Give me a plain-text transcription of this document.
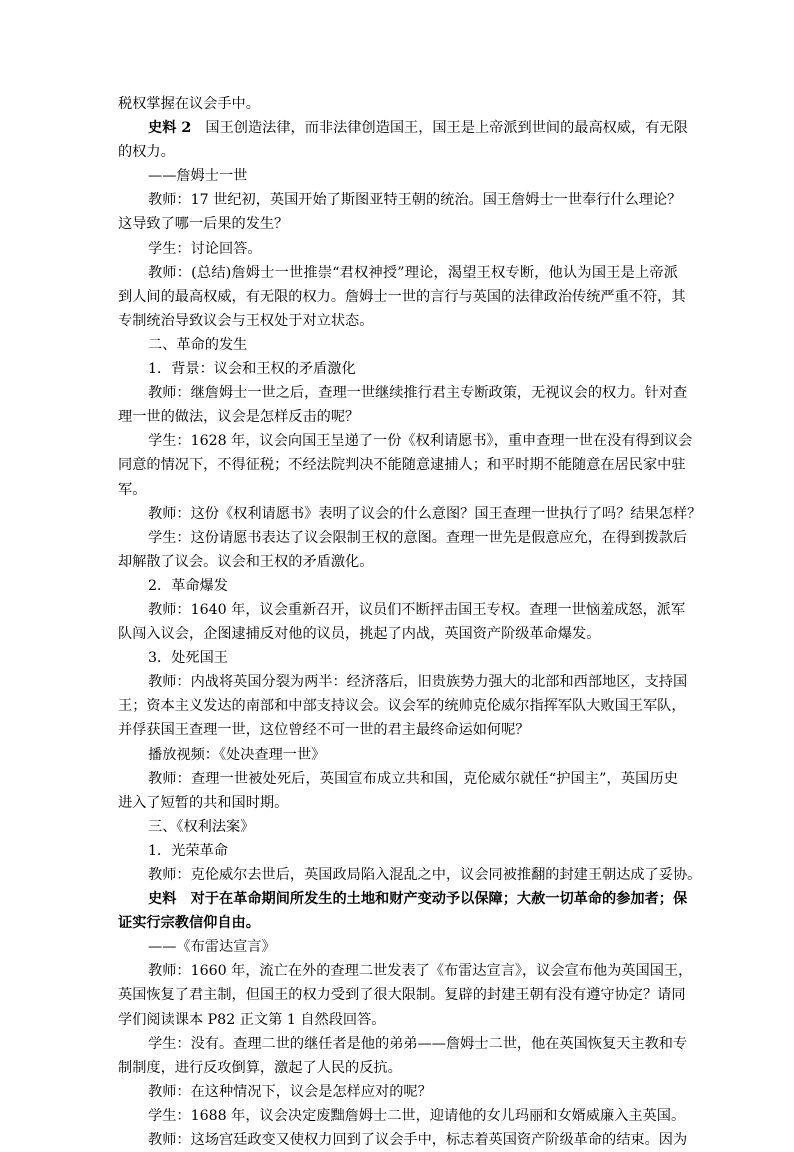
税权掌握在议会手中。
史料 2　国王创造法律，而非法律创造国王，国王是上帝派到世间的最高权威，有无限
的权力。
——詹姆士一世
教师：17 世纪初，英国开始了斯图亚特王朝的统治。国王詹姆士一世奉行什么理论？
这导致了哪一后果的发生？
学生：讨论回答。
教师：(总结)詹姆士一世推崇“君权神授”理论，渴望王权专断，他认为国王是上帝派
到人间的最高权威，有无限的权力。詹姆士一世的言行与英国的法律政治传统严重不符，其
专制统治导致议会与王权处于对立状态。
二、革命的发生
1．背景：议会和王权的矛盾激化
教师：继詹姆士一世之后，查理一世继续推行君主专断政策，无视议会的权力。针对查
理一世的做法，议会是怎样反击的呢？
学生：1628 年，议会向国王呈递了一份《权利请愿书》，重申查理一世在没有得到议会
同意的情况下，不得征税；不经法院判决不能随意逮捕人；和平时期不能随意在居民家中驻
军。
教师：这份《权利请愿书》表明了议会的什么意图？国王查理一世执行了吗？结果怎样？
学生：这份请愿书表达了议会限制王权的意图。查理一世先是假意应允，在得到拨款后
却解散了议会。议会和王权的矛盾激化。
2．革命爆发
教师：1640 年，议会重新召开，议员们不断抨击国王专权。查理一世恼羞成怒，派军
队闯入议会，企图逮捕反对他的议员，挑起了内战，英国资产阶级革命爆发。
3．处死国王
教师：内战将英国分裂为两半：经济落后，旧贵族势力强大的北部和西部地区，支持国
王；资本主义发达的南部和中部支持议会。议会军的统帅克伦威尔指挥军队大败国王军队，
并俘获国王查理一世，这位曾经不可一世的君主最终命运如何呢？
播放视频：《处决查理一世》
教师：查理一世被处死后，英国宣布成立共和国，克伦威尔就任“护国主”，英国历史
进入了短暂的共和国时期。
三、《权利法案》
1．光荣革命
教师：克伦威尔去世后，英国政局陷入混乱之中，议会同被推翻的封建王朝达成了妥协。
史料　对于在革命期间所发生的土地和财产变动予以保障；大赦一切革命的参加者；保
证实行宗教信仰自由。
——《布雷达宣言》
教师：1660 年，流亡在外的查理二世发表了《布雷达宣言》，议会宣布他为英国国王，
英国恢复了君主制，但国王的权力受到了很大限制。复辟的封建王朝有没有遵守协定？请同
学们阅读课本 P82 正文第 1 自然段回答。
学生：没有。查理二世的继任者是他的弟弟——詹姆士二世，他在英国恢复天主教和专
制制度，进行反攻倒算，激起了人民的反抗。
教师：在这种情况下，议会是怎样应对的呢？
学生：1688 年，议会决定废黜詹姆士二世，迎请他的女儿玛丽和女婿威廉入主英国。
教师：这场宫廷政变又使权力回到了议会手中，标志着英国资产阶级革命的结束。因为
